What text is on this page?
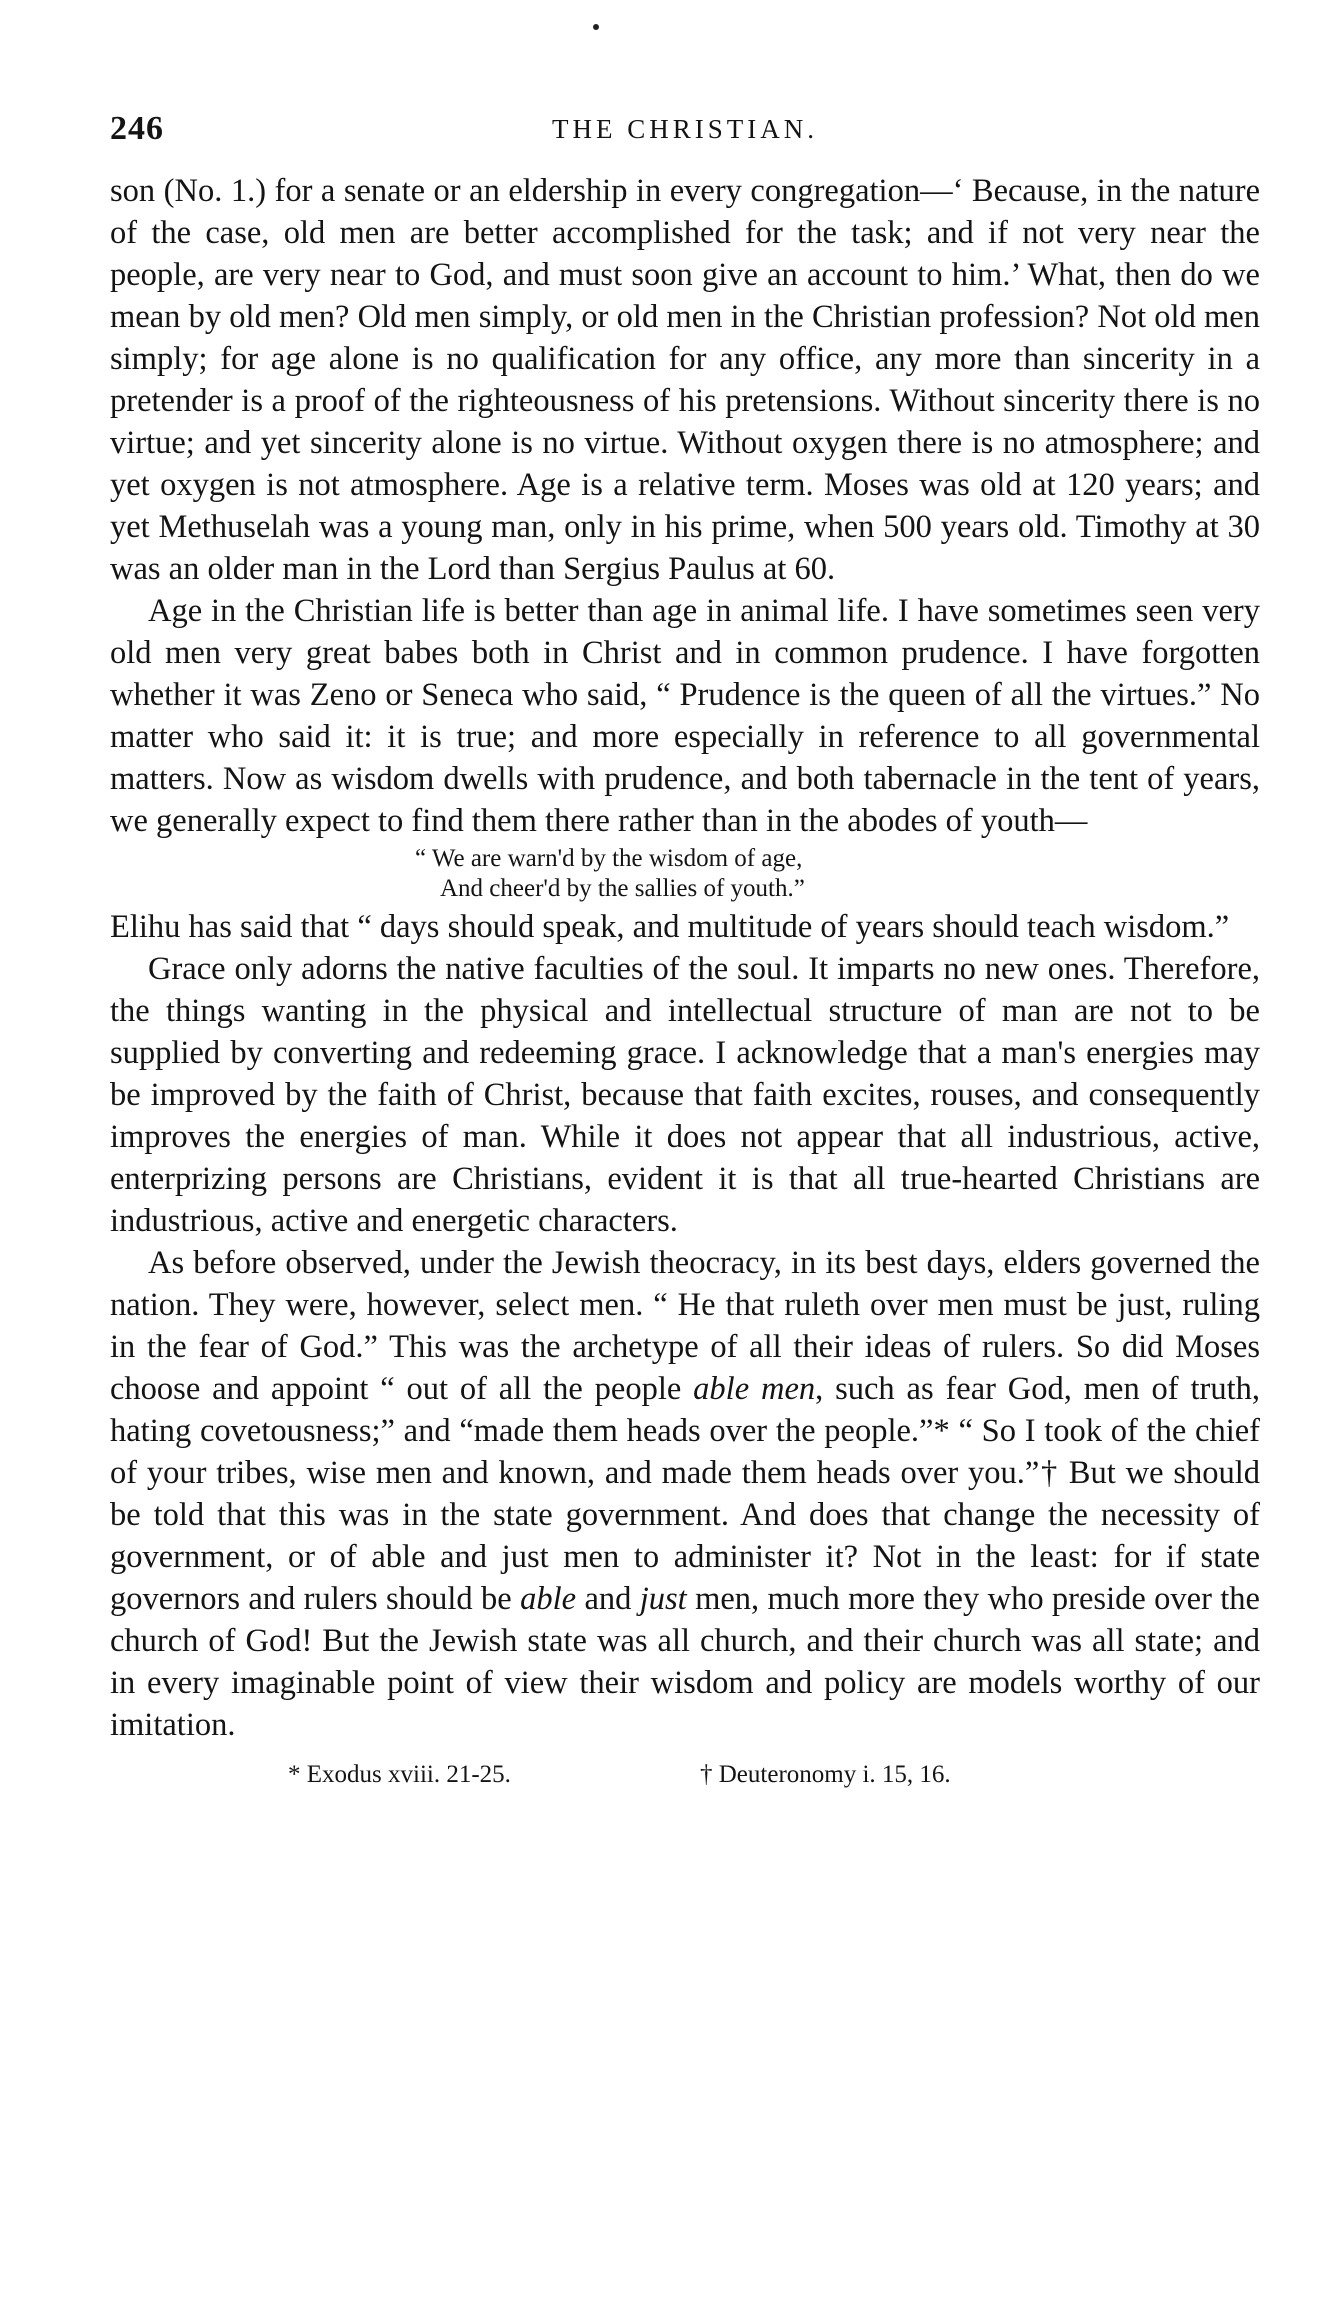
246	THE CHRISTIAN.

son (No. 1.) for a senate or an eldership in every congregation—‘ Because, in the nature of the case, old men are better accomplished for the task; and if not very near the people, are very near to God, and must soon give an account to him.’ What, then do we mean by old men? Old men simply, or old men in the Christian profession? Not old men simply; for age alone is no qualification for any office, any more than sincerity in a pretender is a proof of the righteousness of his pretensions. Without sincerity there is no virtue; and yet sincerity alone is no virtue. Without oxygen there is no atmosphere; and yet oxygen is not atmosphere. Age is a relative term. Moses was old at 120 years; and yet Methuselah was a young man, only in his prime, when 500 years old. Timothy at 30 was an older man in the Lord than Sergius Paulus at 60.

Age in the Christian life is better than age in animal life. I have sometimes seen very old men very great babes both in Christ and in common prudence. I have forgotten whether it was Zeno or Seneca who said, “ Prudence is the queen of all the virtues.” No matter who said it: it is true; and more especially in reference to all governmental matters. Now as wisdom dwells with prudence, and both tabernacle in the tent of years, we generally expect to find them there rather than in the abodes of youth—

“ We are warn'd by the wisdom of age,
And cheer'd by the sallies of youth.”

Elihu has said that “ days should speak, and multitude of years should teach wisdom.”

Grace only adorns the native faculties of the soul. It imparts no new ones. Therefore, the things wanting in the physical and intellectual structure of man are not to be supplied by converting and redeeming grace. I acknowledge that a man's energies may be improved by the faith of Christ, because that faith excites, rouses, and consequently improves the energies of man. While it does not appear that all industrious, active, enterprizing persons are Christians, evident it is that all true-hearted Christians are industrious, active and energetic characters.

As before observed, under the Jewish theocracy, in its best days, elders governed the nation. They were, however, select men. “ He that ruleth over men must be just, ruling in the fear of God.” This was the archetype of all their ideas of rulers. So did Moses choose and appoint “ out of all the people able men, such as fear God, men of truth, hating covetousness;” and “made them heads over the people.”* “ So I took of the chief of your tribes, wise men and known, and made them heads over you.”† But we should be told that this was in the state government. And does that change the necessity of government, or of able and just men to administer it? Not in the least: for if state governors and rulers should be able and just men, much more they who preside over the church of God! But the Jewish state was all church, and their church was all state; and in every imaginable point of view their wisdom and policy are models worthy of our imitation.

* Exodus xviii. 21-25.	† Deuteronomy i. 15, 16.
